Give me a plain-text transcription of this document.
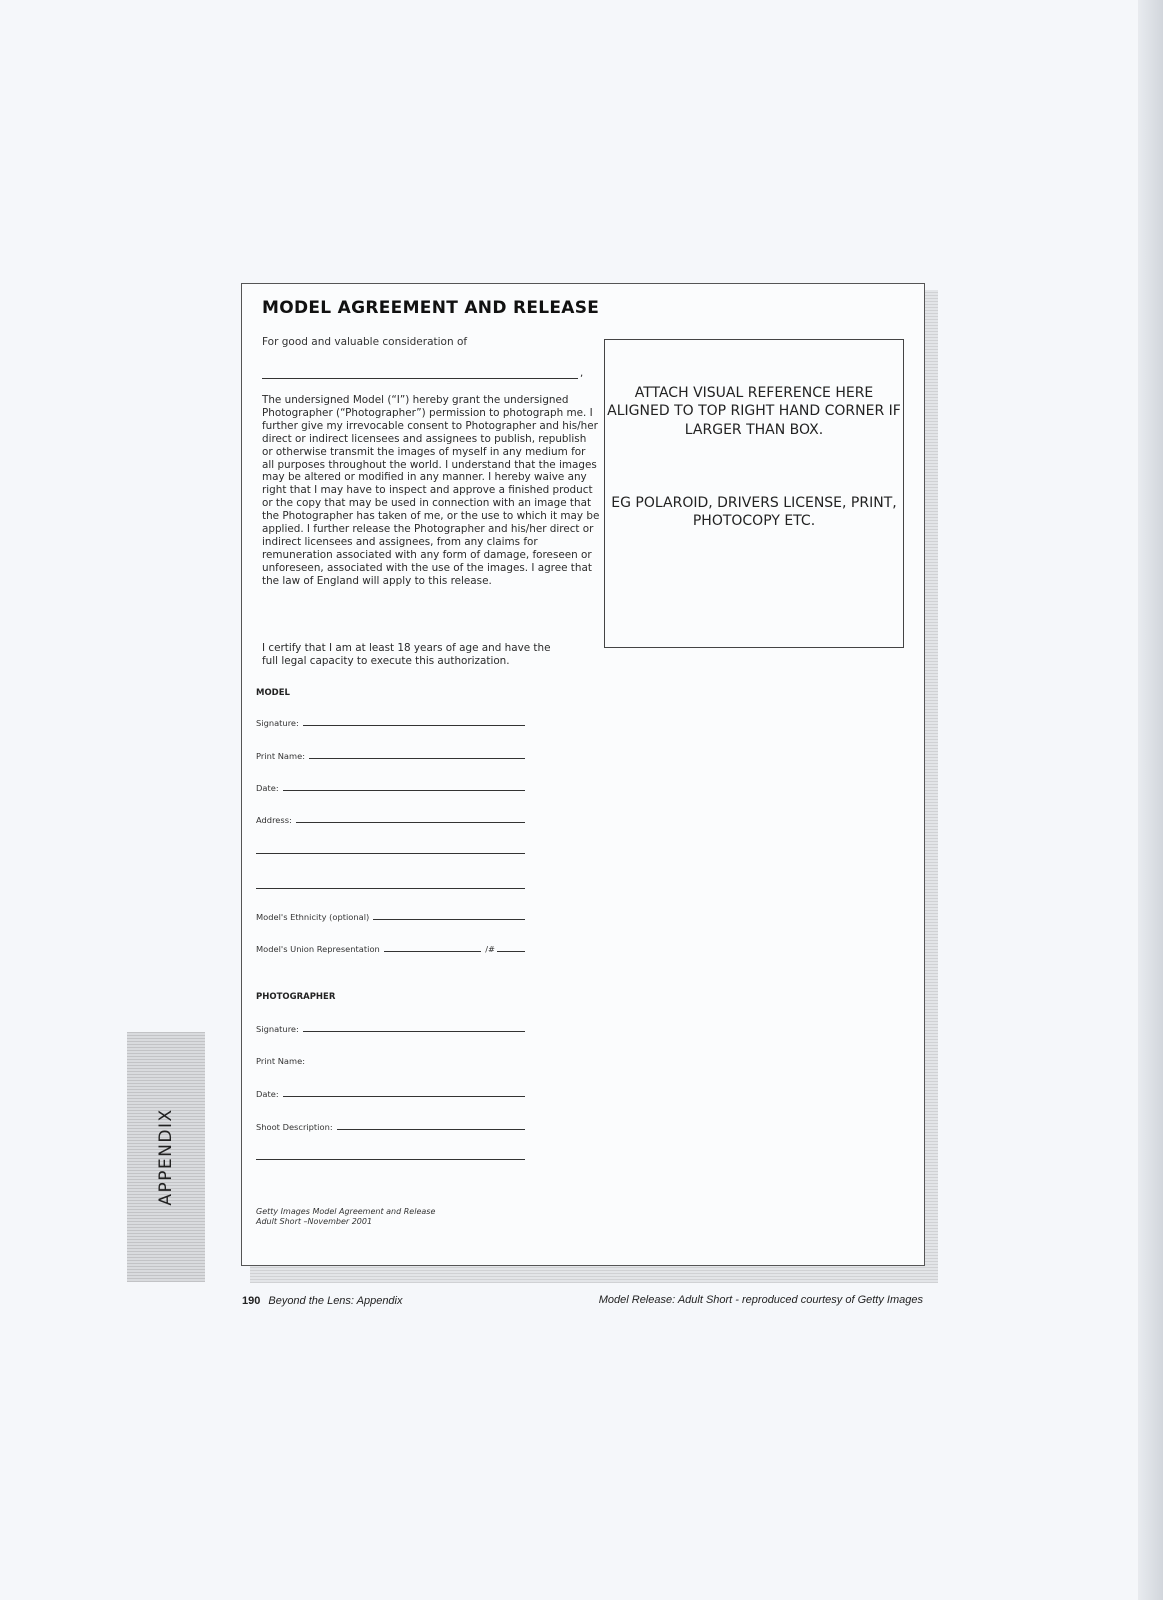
APPENDIX
MODEL AGREEMENT AND RELEASE
For good and valuable consideration of
,

The undersigned Model (“I”) hereby grant the undersigned Photographer (“Photographer”) permission to photograph me. I further give my irrevocable consent to Photographer and his/her direct or indirect licensees and assignees to publish, republish or otherwise transmit the images of myself in any medium for all purposes throughout the world. I understand that the images may be altered or modified in any manner. I hereby waive any right that I may have to inspect and approve a finished product or the copy that may be used in connection with an image that the Photographer has taken of me, or the use to which it may be applied. I further release the Photographer and his/her direct or indirect licensees and assignees, from any claims for remuneration associated with any form of damage, foreseen or unforeseen, associated with the use of the images. I agree that the law of England will apply to this release.

I certify that I am at least 18 years of age and have the full legal capacity to execute this authorization.

ATTACH VISUAL REFERENCE HERE ALIGNED TO TOP RIGHT HAND CORNER IF LARGER THAN BOX.

EG POLAROID, DRIVERS LICENSE, PRINT, PHOTOCOPY ETC.

MODEL
Signature:
Print Name:
Date:
Address:
Model's Ethnicity (optional)
Model's Union Representation	/#
PHOTOGRAPHER
Signature:
Print Name:
Date:
Shoot Description:

Getty Images Model Agreement and Release
Adult Short –November 2001

190 Beyond the Lens: Appendix	Model Release: Adult Short - reproduced courtesy of Getty Images
